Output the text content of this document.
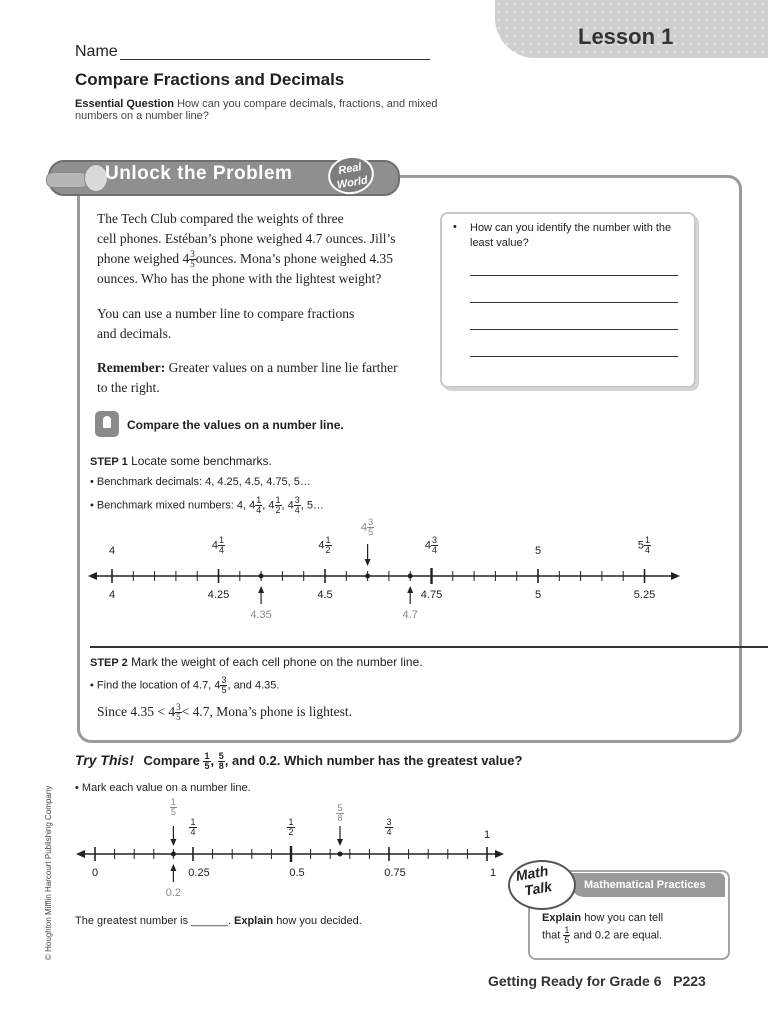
Lesson 1
Name
Compare Fractions and Decimals
Essential Question How can you compare decimals, fractions, and mixed numbers on a number line?
Unlock the Problem	Real
World
The Tech Club compared the weights of three
cell phones. Estéban’s phone weighed 4.7 ounces. Jill’s
phone weighed $4 \frac{3}{5}$ ounces. Mona’s phone weighed 4.35
ounces. Who has the phone with the lightest weight?
You can use a number line to compare fractions
and decimals.
Remember: Greater values on a number line lie farther
to the right.
• How can you identify the number with the least value?
Compare the values on a number line.
STEP 1 Locate some benchmarks.
• Benchmark decimals: 4, 4.25, 4.5, 4.75, 5…
• Benchmark mixed numbers: 4, $4 \frac{1}{4}$ , $4 \frac{1}{2}$ , $4 \frac{3}{4}$ , 5…
4
4
$4 \frac{1}{4}$
4.25
$4 \frac{1}{2}$
4.5
$4 \frac{3}{4}$
4.75
5
5
$5 \frac{1}{4}$
5.25
4.35	4.7
$4 \frac{3}{5}$
STEP 2 Mark the weight of each cell phone on the number line.
• Find the location of 4.7, $4 \frac{3}{5}$ , and 4.35.
Since $4.35 < 4 \frac{3}{5} < 4.7$, Mona’s phone is lightest.
Try This! Compare $\frac{1}{5}$ , $\frac{5}{8}$ , and 0.2. Which number has the greatest value?
• Mark each value on a number line.
0	0.25	0.5	0.75	1
$\frac{1}{4}$	$\frac{1}{2}$	$\frac{3}{4}$	1
$\frac{1}{5}$	$\frac{5}{8}$
0.2
The greatest number is ______. Explain how you decided.
Mathematical Practices
Math
Talk
Explain how you can tell
that $\frac{1}{5}$ and 0.2 are equal.
© Houghton Mifflin Harcourt Publishing Company
Getting Ready for Grade 6   P223
